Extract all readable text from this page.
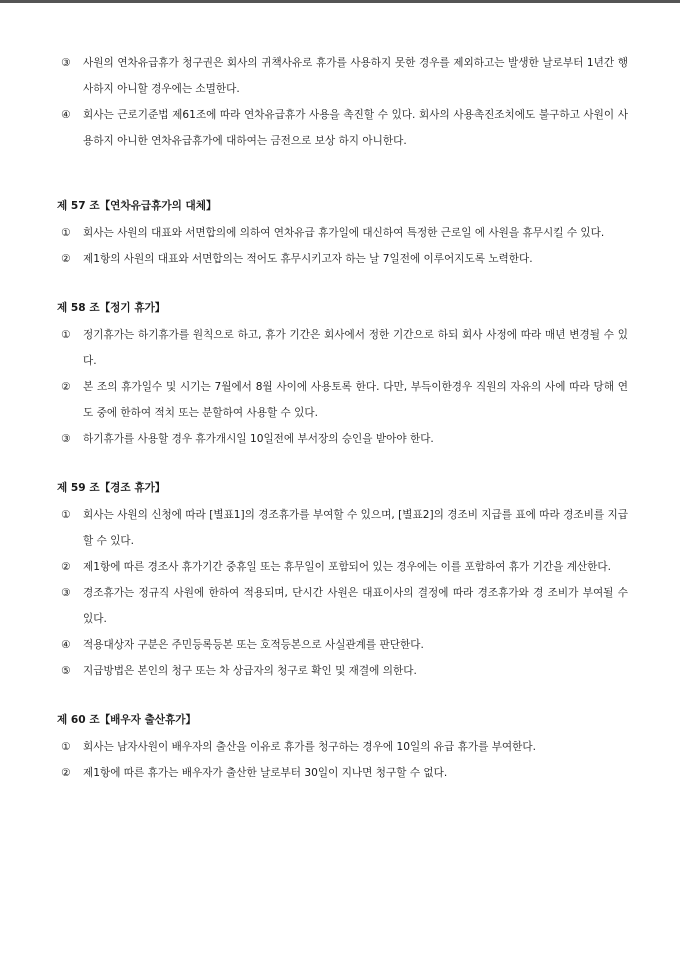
③ 사원의 연차유급휴가 청구권은 회사의 귀책사유로 휴가를 사용하지 못한 경우를 제외하고는 발생한 날로부터 1년간 행사하지 아니할 경우에는 소멸한다.
④ 회사는 근로기준법 제61조에 따라 연차유급휴가 사용을 촉진할 수 있다. 회사의 사용촉진조치에도 불구하고 사원이 사용하지 아니한 연차유급휴가에 대하여는 금전으로 보상 하지 아니한다.
제 57 조【연차유급휴가의 대체】
① 회사는 사원의 대표와 서면합의에 의하여 연차유급 휴가일에 대신하여 특정한 근로일 에 사원을 휴무시킬 수 있다.
② 제1항의 사원의 대표와 서면합의는 적어도 휴무시키고자 하는 날 7일전에 이루어지도록 노력한다.
제 58 조【정기 휴가】
① 정기휴가는 하기휴가를 원칙으로 하고, 휴가 기간은 회사에서 정한 기간으로 하되 회사 사정에 따라 매년 변경될 수 있다.
② 본 조의 휴가일수 및 시기는 7월에서 8월 사이에 사용토록 한다. 다만, 부득이한경우 직원의 자유의 사에 따라 당해 연도 중에 한하여 적치 또는 분할하여 사용할 수 있다.
③ 하기휴가를 사용할 경우 휴가개시일 10일전에 부서장의 승인을 받아야 한다.
제 59 조【경조 휴가】
① 회사는 사원의 신청에 따라 [별표1]의 경조휴가를 부여할 수 있으며, [별표2]의 경조비 지급를 표에 따라 경조비를 지급할 수 있다.
② 제1항에 따른 경조사 휴가기간 중휴일 또는 휴무일이 포함되어 있는 경우에는 이를 포함하여 휴가 기간을 계산한다.
③ 경조휴가는 정규직 사원에 한하여 적용되며, 단시간 사원은 대표이사의 결정에 따라 경조휴가와 경 조비가 부여될 수 있다.
④ 적용대상자 구분은 주민등록등본 또는 호적등본으로 사실관계를 판단한다.
⑤ 지급방법은 본인의 청구 또는 차 상급자의 청구로 확인 및 재결에 의한다.
제 60 조【배우자 출산휴가】
① 회사는 남자사원이 배우자의 출산을 이유로 휴가를 청구하는 경우에 10일의 유급 휴가를 부여한다.
② 제1항에 따른 휴가는 배우자가 출산한 날로부터 30일이 지나면 청구할 수 없다.
